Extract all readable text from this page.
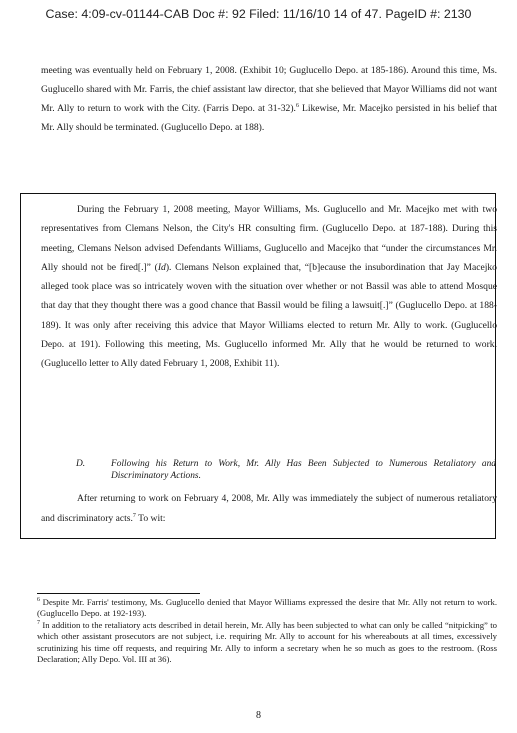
Case: 4:09-cv-01144-CAB Doc #: 92 Filed: 11/16/10 14 of 47. PageID #: 2130
meeting was eventually held on February 1, 2008. (Exhibit 10; Guglucello Depo. at 185-186). Around this time, Ms. Guglucello shared with Mr. Farris, the chief assistant law director, that she believed that Mayor Williams did not want Mr. Ally to return to work with the City. (Farris Depo. at 31-32).$^6$ Likewise, Mr. Macejko persisted in his belief that Mr. Ally should be terminated. (Guglucello Depo. at 188).
During the February 1, 2008 meeting, Mayor Williams, Ms. Guglucello and Mr. Macejko met with two representatives from Clemans Nelson, the City's HR consulting firm. (Guglucello Depo. at 187-188). During this meeting, Clemans Nelson advised Defendants Williams, Guglucello and Macejko that “under the circumstances Mr. Ally should not be fired[.]” (Id). Clemans Nelson explained that, “[b]ecause the insubordination that Jay Macejko alleged took place was so intricately woven with the situation over whether or not Bassil was able to attend Mosque that day that they thought there was a good chance that Bassil would be filing a lawsuit[.]” (Guglucello Depo. at 188-189). It was only after receiving this advice that Mayor Williams elected to return Mr. Ally to work. (Guglucello Depo. at 191). Following this meeting, Ms. Guglucello informed Mr. Ally that he would be returned to work. (Guglucello letter to Ally dated February 1, 2008, Exhibit 11).
D.	Following his Return to Work, Mr. Ally Has Been Subjected to Numerous Retaliatory and Discriminatory Actions.
After returning to work on February 4, 2008, Mr. Ally was immediately the subject of numerous retaliatory and discriminatory acts.$^7$ To wit:
$^6$ Despite Mr. Farris' testimony, Ms. Guglucello denied that Mayor Williams expressed the desire that Mr. Ally not return to work. (Guglucello Depo. at 192-193).
$^7$ In addition to the retaliatory acts described in detail herein, Mr. Ally has been subjected to what can only be called “nitpicking” to which other assistant prosecutors are not subject, i.e. requiring Mr. Ally to account for his whereabouts at all times, excessively scrutinizing his time off requests, and requiring Mr. Ally to inform a secretary when he so much as goes to the restroom. (Ross Declaration; Ally Depo. Vol. III at 36).
8
